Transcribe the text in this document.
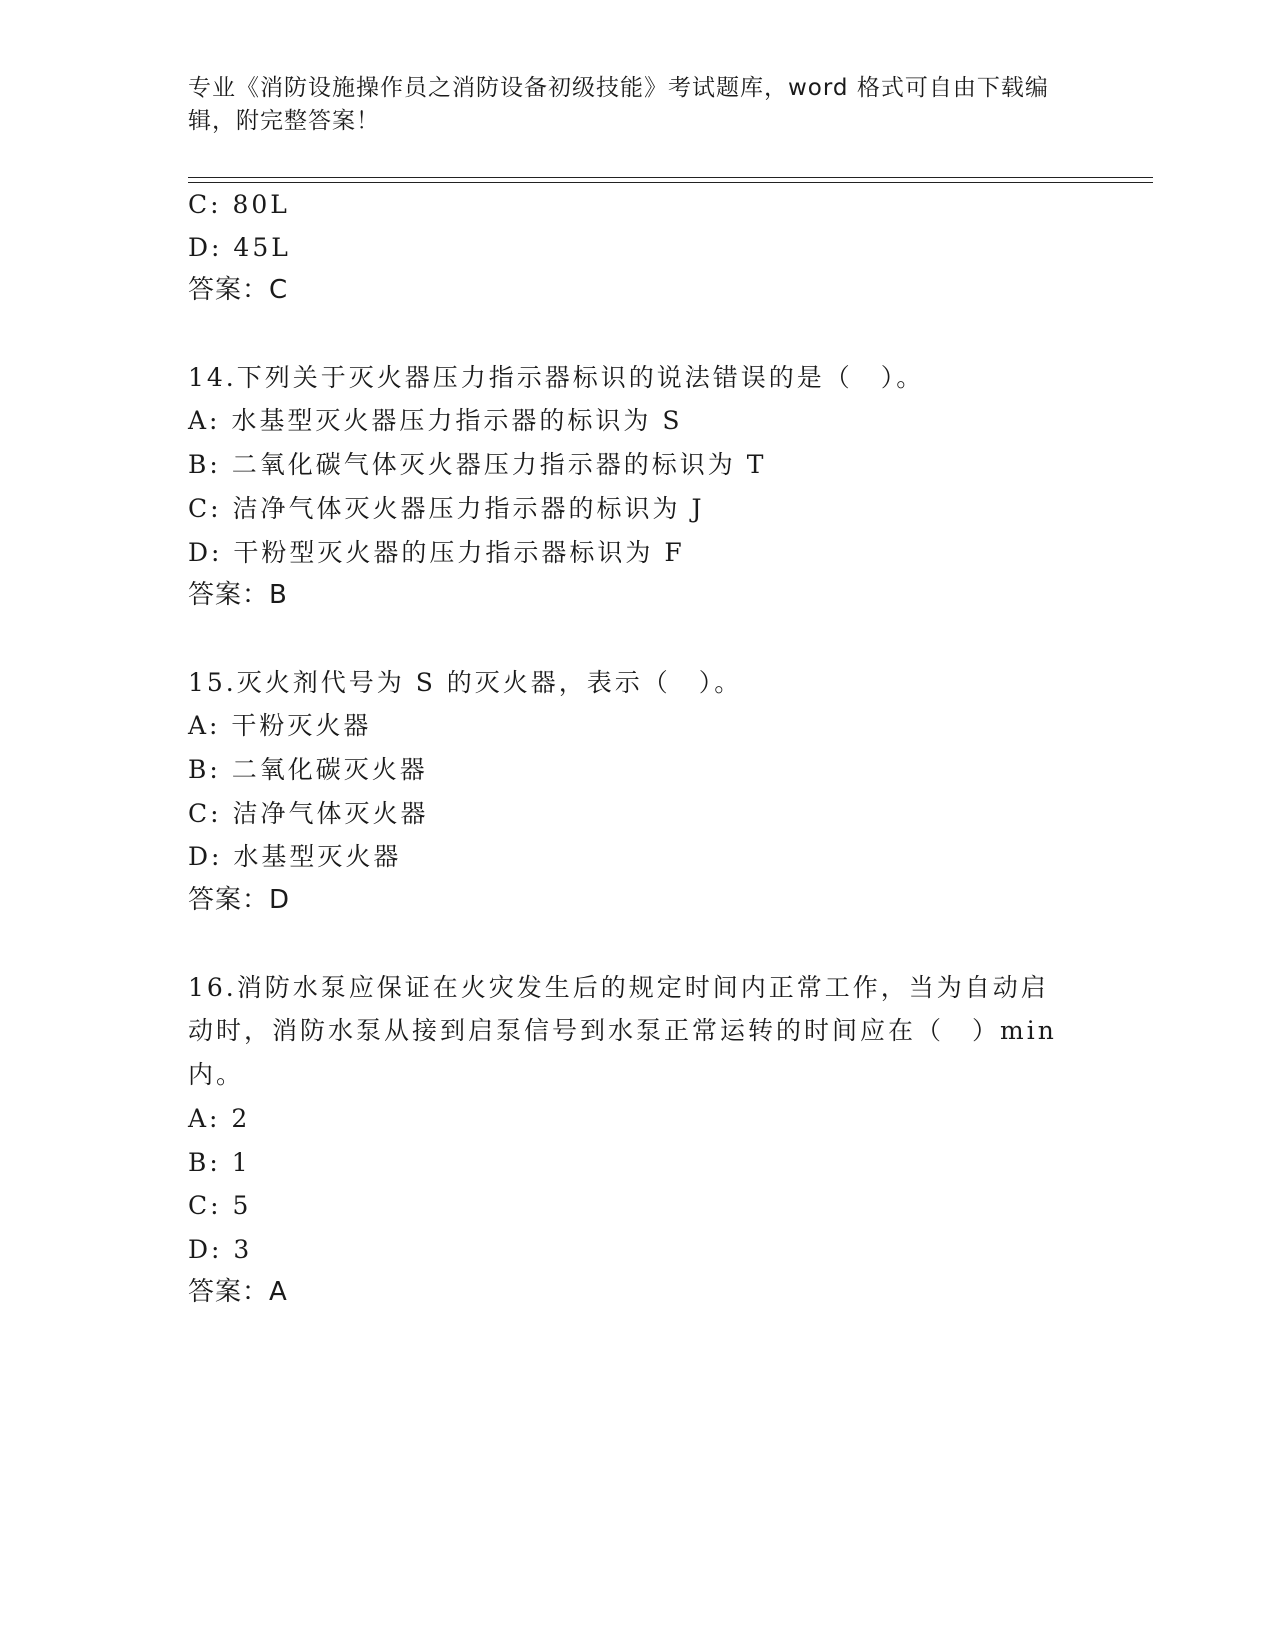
专业《消防设施操作员之消防设备初级技能》考试题库，word 格式可自由下载编
辑，附完整答案！
C: 80L
D: 45L
答案：C
14.下列关于灭火器压力指示器标识的说法错误的是（　）。
A: 水基型灭火器压力指示器的标识为 S
B: 二氧化碳气体灭火器压力指示器的标识为 T
C: 洁净气体灭火器压力指示器的标识为 J
D: 干粉型灭火器的压力指示器标识为 F
答案：B
15.灭火剂代号为 S 的灭火器，表示（　）。
A: 干粉灭火器
B: 二氧化碳灭火器
C: 洁净气体灭火器
D: 水基型灭火器
答案：D
16.消防水泵应保证在火灾发生后的规定时间内正常工作，当为自动启
动时，消防水泵从接到启泵信号到水泵正常运转的时间应在（　）min
内。
A: 2
B: 1
C: 5
D: 3
答案：A
